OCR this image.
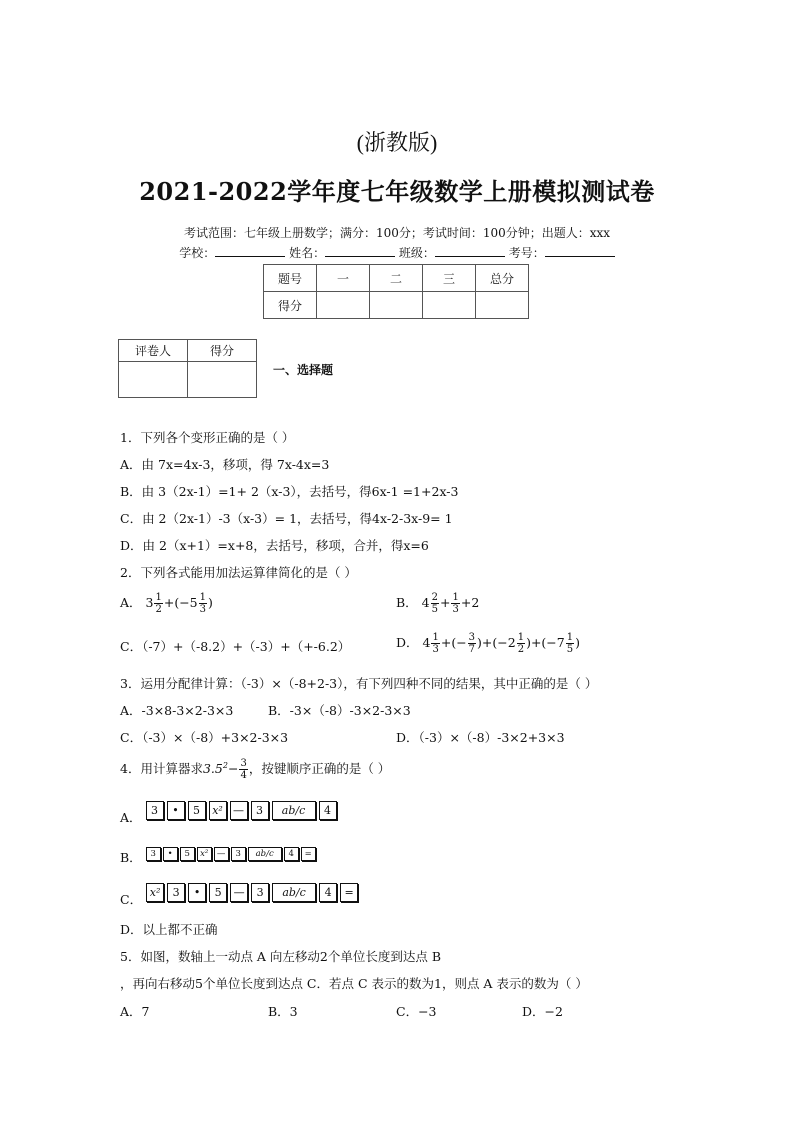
(浙教版)
2021-2022学年度七年级数学上册模拟测试卷
考试范围：七年级上册数学；满分：100分；考试时间：100分钟；出题人：xxx
学校：	姓名：	班级：	考号：
题号	一	二	三	总分
得分				
评卷人	得分

一、选择题
1．下列各个变形正确的是（ ）
A．由 7x=4x-3，移项，得 7x-4x=3
B．由 3（2x-1）=1+ 2（x-3），去括号，得6x-1 =1+2x-3
C．由 2（2x-1）-3（x-3）= 1，去括号，得4x-2-3x-9= 1
D．由 2（x+1）=x+8，去括号，移项，合并，得x=6
2．下列各式能用加法运算律简化的是（ ）
A． $3 \frac{1}{2} +(-5 \frac{1}{3}$ )	B． $4 \frac{2}{5} + \frac{1}{3} +2$
C．（-7）+（-8.2）+（-3）+（+-6.2）	D． $4 \frac{1}{3}$ +(− $\frac{3}{7} )+(-2 \frac{1}{2} )+(-7 \frac{1}{5}$ )
3．运用分配律计算：（-3）×（-8+2-3），有下列四种不同的结果，其中正确的是（ ）
A．-3×8-3×2-3×3	B．-3×（-8）-3×2-3×3
C．（-3）×（-8）+3×2-3×3	D．（-3）×（-8）-3×2+3×3
4．用计算器求$3.5^2- \frac{3}{4}$ ，按键顺序正确的是（ ）
A． 3 • 5 x² — 3 ab/c 4
B． 3 • 5 x² — 3 ab/c 4 =
C． x² 3 • 5 — 3 ab/c 4 =
D．以上都不正确
5．如图，数轴上一动点 A 向左移动2个单位长度到达点 B
，再向右移动5个单位长度到达点 C．若点 C 表示的数为1，则点 A 表示的数为（ ）
A．7	B．3	C．−3	D．−2
